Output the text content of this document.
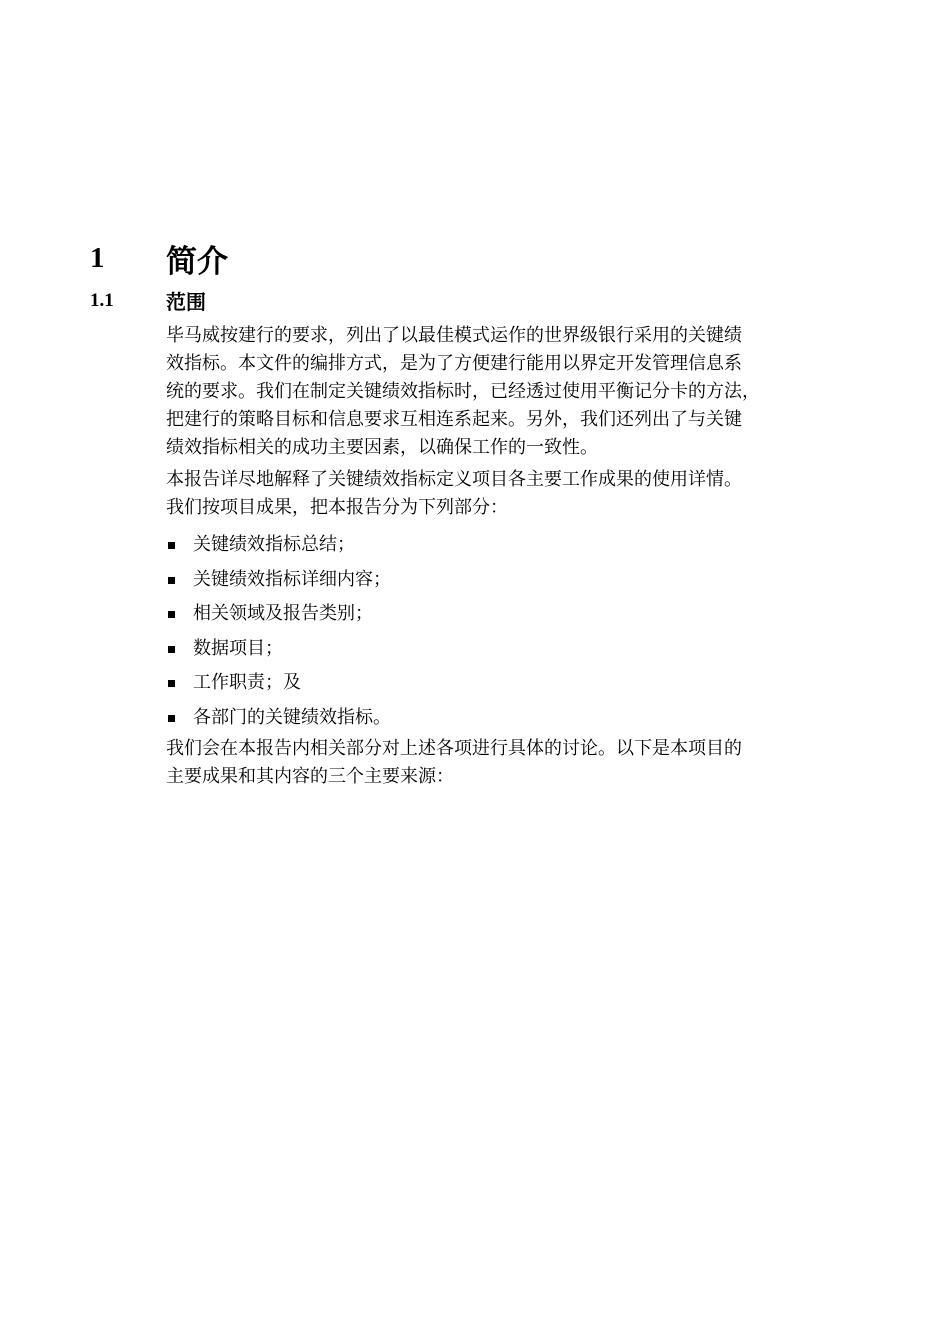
1 简介
1.1	范围
毕马威按建行的要求，列出了以最佳模式运作的世界级银行采用的关键绩
效指标。本文件的编排方式，是为了方便建行能用以界定开发管理信息系
统的要求。我们在制定关键绩效指标时，已经透过使用平衡记分卡的方法，
把建行的策略目标和信息要求互相连系起来。另外，我们还列出了与关键
绩效指标相关的成功主要因素，以确保工作的一致性。
本报告详尽地解释了关键绩效指标定义项目各主要工作成果的使用详情。
我们按项目成果，把本报告分为下列部分：
关键绩效指标总结；
关键绩效指标详细内容；
相关领域及报告类别；
数据项目；
工作职责；及
各部门的关键绩效指标。
我们会在本报告内相关部分对上述各项进行具体的讨论。以下是本项目的
主要成果和其内容的三个主要来源：
